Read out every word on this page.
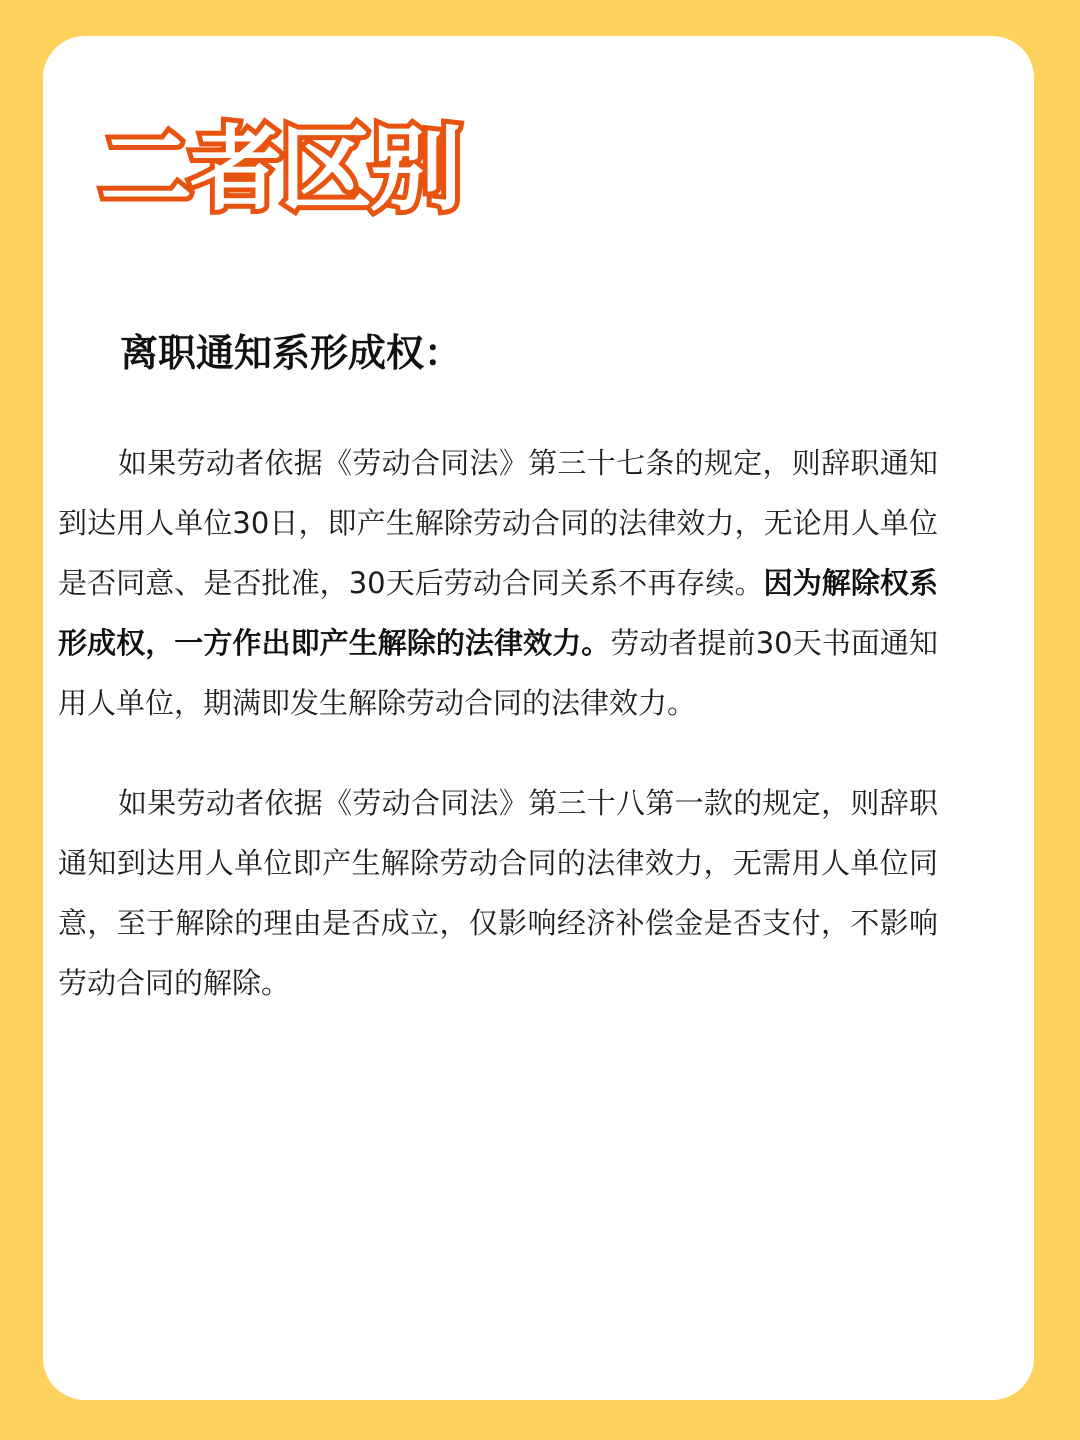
二者区别
离职通知系形成权：

如果劳动者依据《劳动合同法》第三十七条的规定，则辞职通知到达用人单位30日，即产生解除劳动合同的法律效力，无论用人单位是否同意、是否批准，30天后劳动合同关系不再存续。因为解除权系形成权，一方作出即产生解除的法律效力。劳动者提前30天书面通知用人单位，期满即发生解除劳动合同的法律效力。

如果劳动者依据《劳动合同法》第三十八第一款的规定，则辞职通知到达用人单位即产生解除劳动合同的法律效力，无需用人单位同意，至于解除的理由是否成立，仅影响经济补偿金是否支付，不影响劳动合同的解除。
